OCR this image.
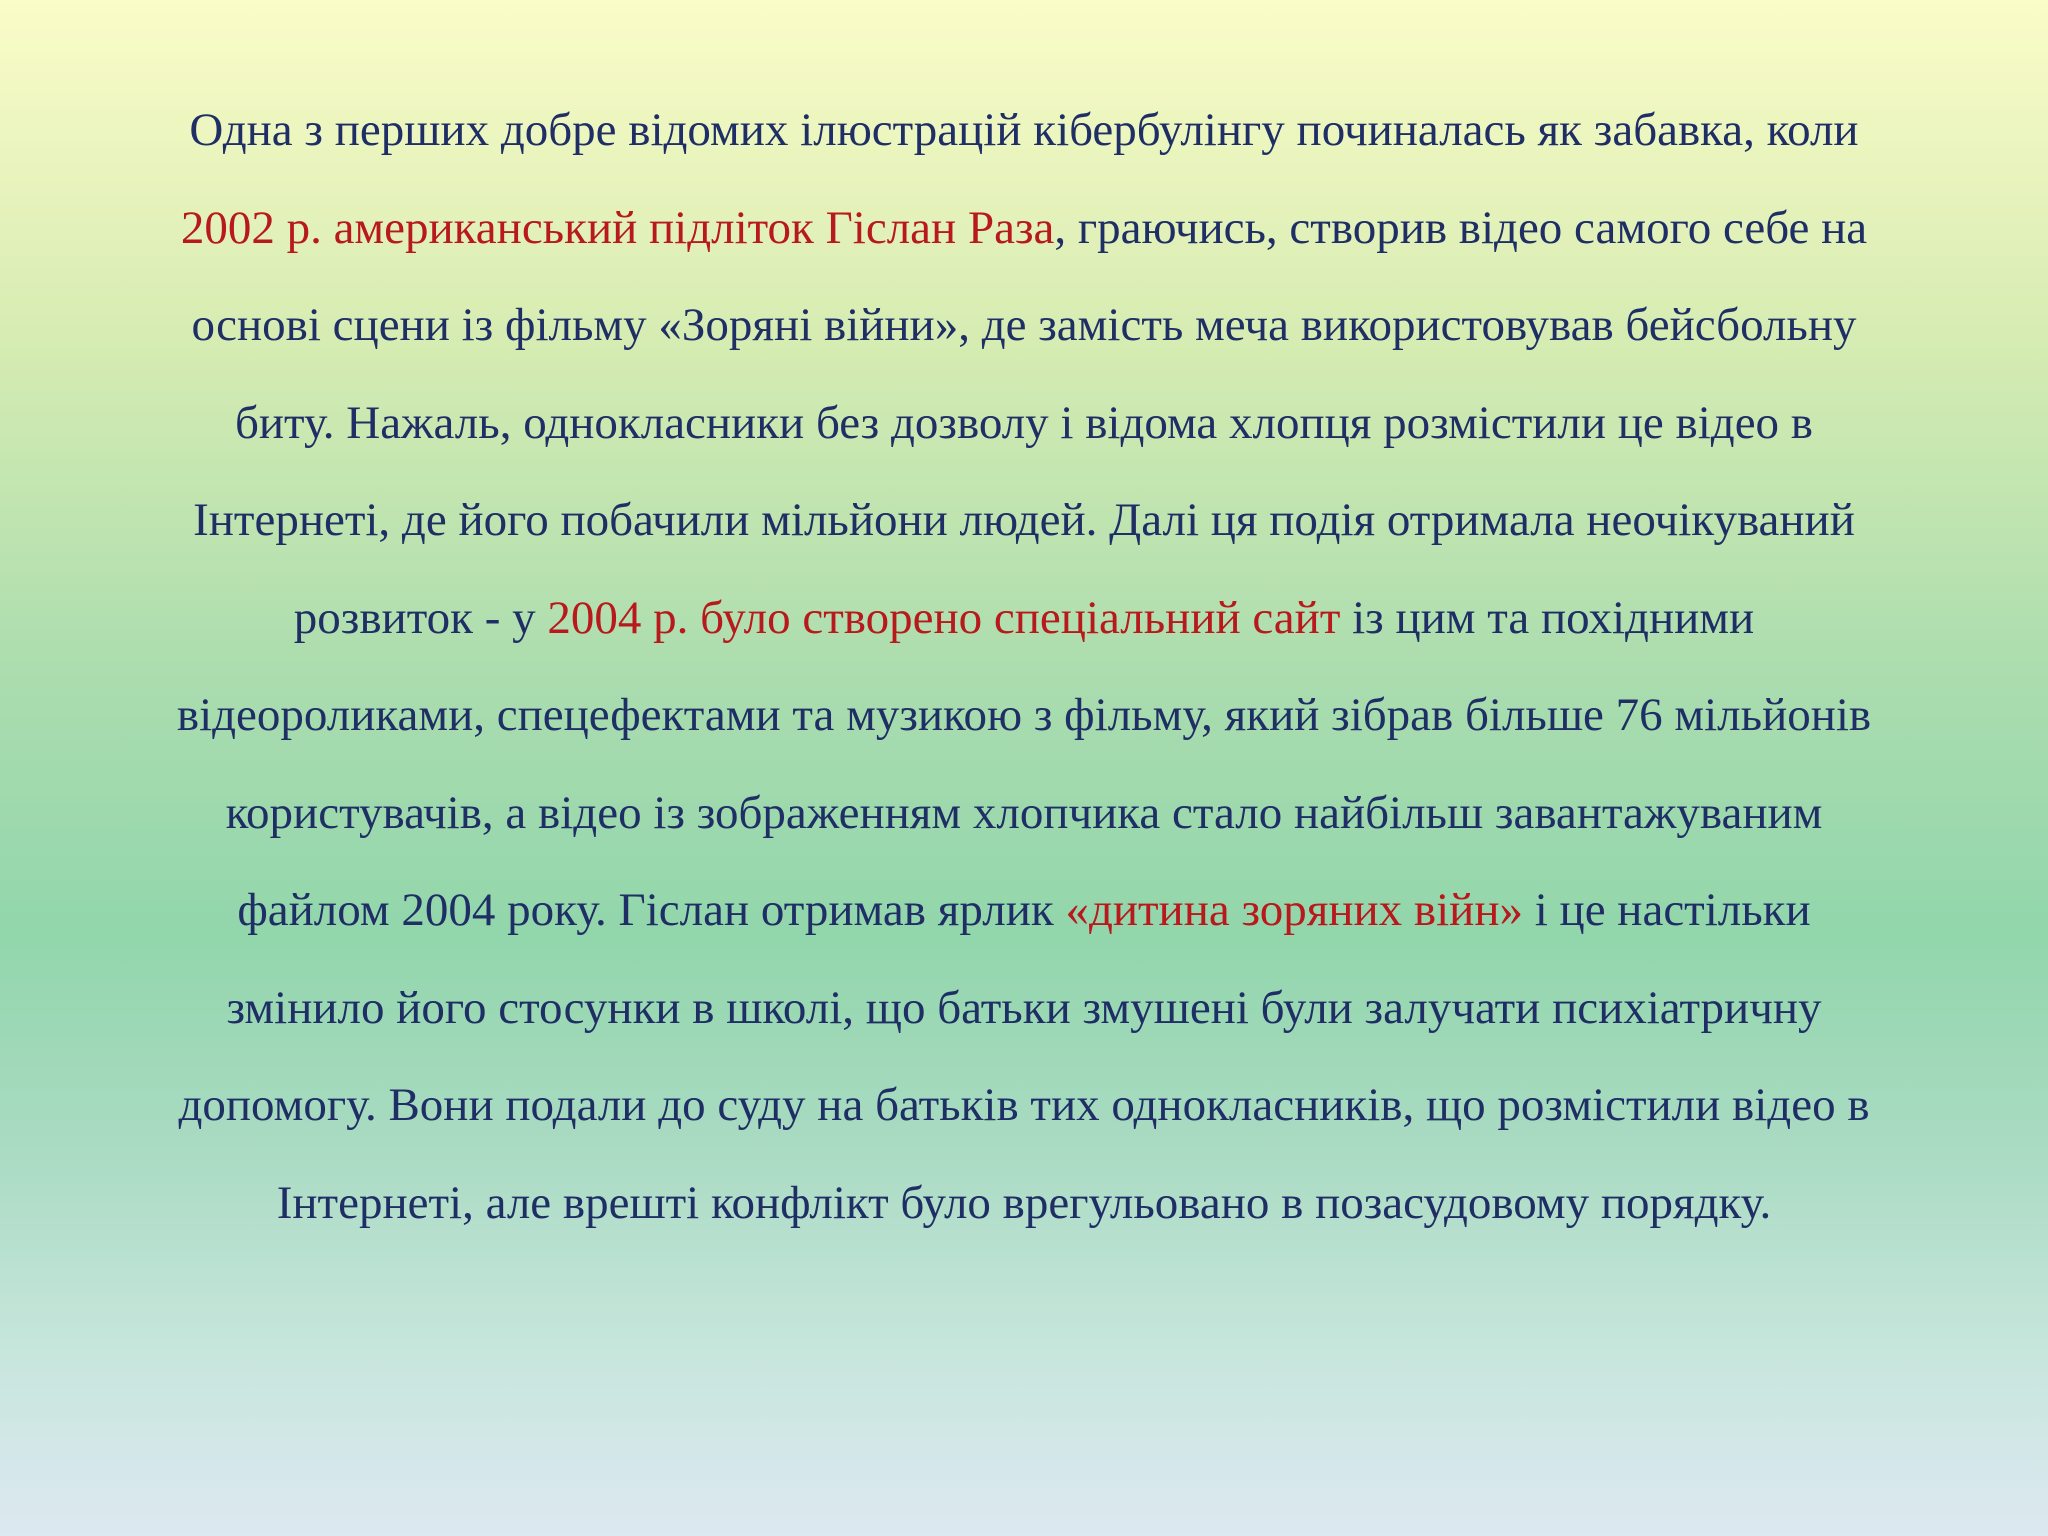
Одна з перших добре відомих ілюстрацій кібербулінгу починалась як забавка, коли
2002 р. американський підліток Гіслан Раза, граючись, створив відео самого себе на
основі сцени із фільму «Зоряні війни», де замість меча використовував бейсбольну
биту. Нажаль, однокласники без дозволу і відома хлопця розмістили це відео в
Інтернеті, де його побачили мільйони людей. Далі ця подія отримала неочікуваний
розвиток - у 2004 р. було створено спеціальний сайт із цим та похідними
відеороликами, спецефектами та музикою з фільму, який зібрав більше 76 мільйонів
користувачів, а відео із зображенням хлопчика стало найбільш завантажуваним
файлом 2004 року. Гіслан отримав ярлик «дитина зоряних війн» і це настільки
змінило його стосунки в школі, що батьки змушені були залучати психіатричну
допомогу. Вони подали до суду на батьків тих однокласників, що розмістили відео в
Інтернеті, але врешті конфлікт було врегульовано в позасудовому порядку.
